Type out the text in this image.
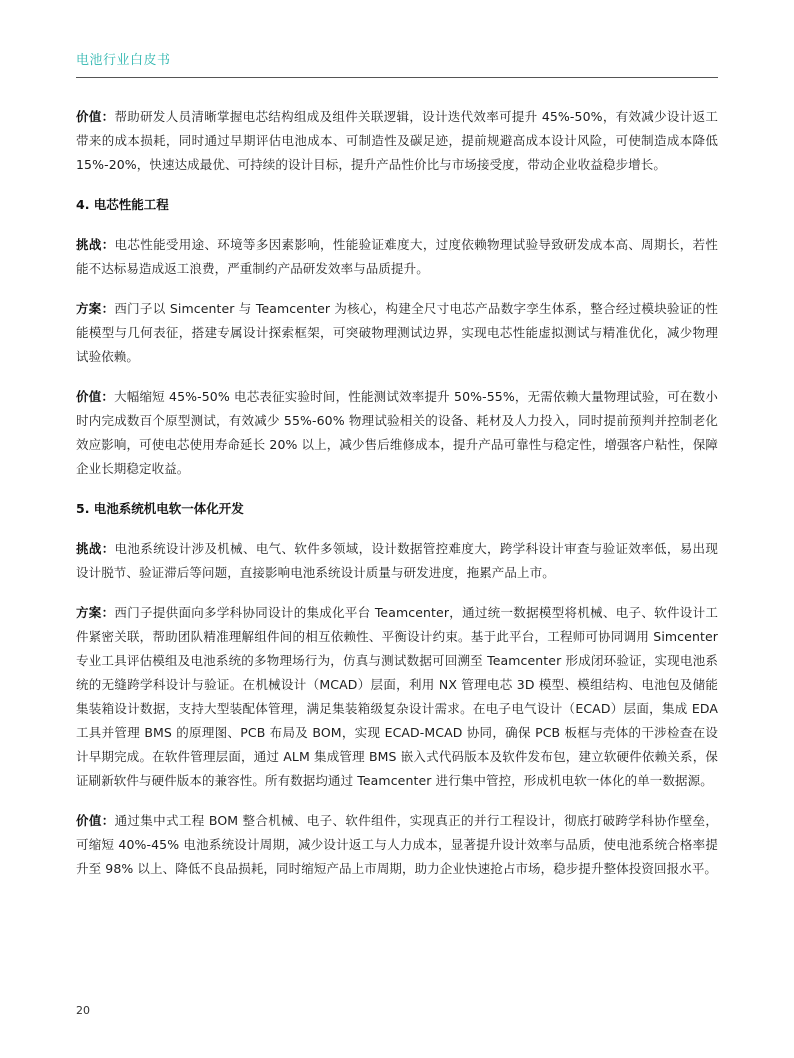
电池行业白皮书

价值：帮助研发人员清晰掌握电芯结构组成及组件关联逻辑，设计迭代效率可提升 45%-50%，有效减少设计返工带来的成本损耗，同时通过早期评估电池成本、可制造性及碳足迹，提前规避高成本设计风险，可使制造成本降低 15%-20%，快速达成最优、可持续的设计目标，提升产品性价比与市场接受度，带动企业收益稳步增长。

4. 电芯性能工程

挑战：电芯性能受用途、环境等多因素影响，性能验证难度大，过度依赖物理试验导致研发成本高、周期长，若性能不达标易造成返工浪费，严重制约产品研发效率与品质提升。

方案：西门子以 Simcenter 与 Teamcenter 为核心，构建全尺寸电芯产品数字孪生体系，整合经过模块验证的性能模型与几何表征，搭建专属设计探索框架，可突破物理测试边界，实现电芯性能虚拟测试与精准优化，减少物理试验依赖。

价值：大幅缩短 45%-50% 电芯表征实验时间，性能测试效率提升 50%-55%，无需依赖大量物理试验，可在数小时内完成数百个原型测试，有效减少 55%-60% 物理试验相关的设备、耗材及人力投入，同时提前预判并控制老化效应影响，可使电芯使用寿命延长 20% 以上，减少售后维修成本，提升产品可靠性与稳定性，增强客户粘性，保障企业长期稳定收益。

5. 电池系统机电软一体化开发

挑战：电池系统设计涉及机械、电气、软件多领域，设计数据管控难度大，跨学科设计审查与验证效率低，易出现设计脱节、验证滞后等问题，直接影响电池系统设计质量与研发进度，拖累产品上市。

方案：西门子提供面向多学科协同设计的集成化平台 Teamcenter，通过统一数据模型将机械、电子、软件设计工件紧密关联，帮助团队精准理解组件间的相互依赖性、平衡设计约束。基于此平台，工程师可协同调用 Simcenter 专业工具评估模组及电池系统的多物理场行为，仿真与测试数据可回溯至 Teamcenter 形成闭环验证，实现电池系统的无缝跨学科设计与验证。在机械设计（MCAD）层面，利用 NX 管理电芯 3D 模型、模组结构、电池包及储能集装箱设计数据，支持大型装配体管理，满足集装箱级复杂设计需求。在电子电气设计（ECAD）层面，集成 EDA 工具并管理 BMS 的原理图、PCB 布局及 BOM，实现 ECAD-MCAD 协同，确保 PCB 板框与壳体的干涉检查在设计早期完成。在软件管理层面，通过 ALM 集成管理 BMS 嵌入式代码版本及软件发布包，建立软硬件依赖关系，保证刷新软件与硬件版本的兼容性。所有数据均通过 Teamcenter 进行集中管控，形成机电软一体化的单一数据源。

价值：通过集中式工程 BOM 整合机械、电子、软件组件，实现真正的并行工程设计，彻底打破跨学科协作壁垒，可缩短 40%-45% 电池系统设计周期，减少设计返工与人力成本，显著提升设计效率与品质，使电池系统合格率提升至 98% 以上、降低不良品损耗，同时缩短产品上市周期，助力企业快速抢占市场，稳步提升整体投资回报水平。

20
